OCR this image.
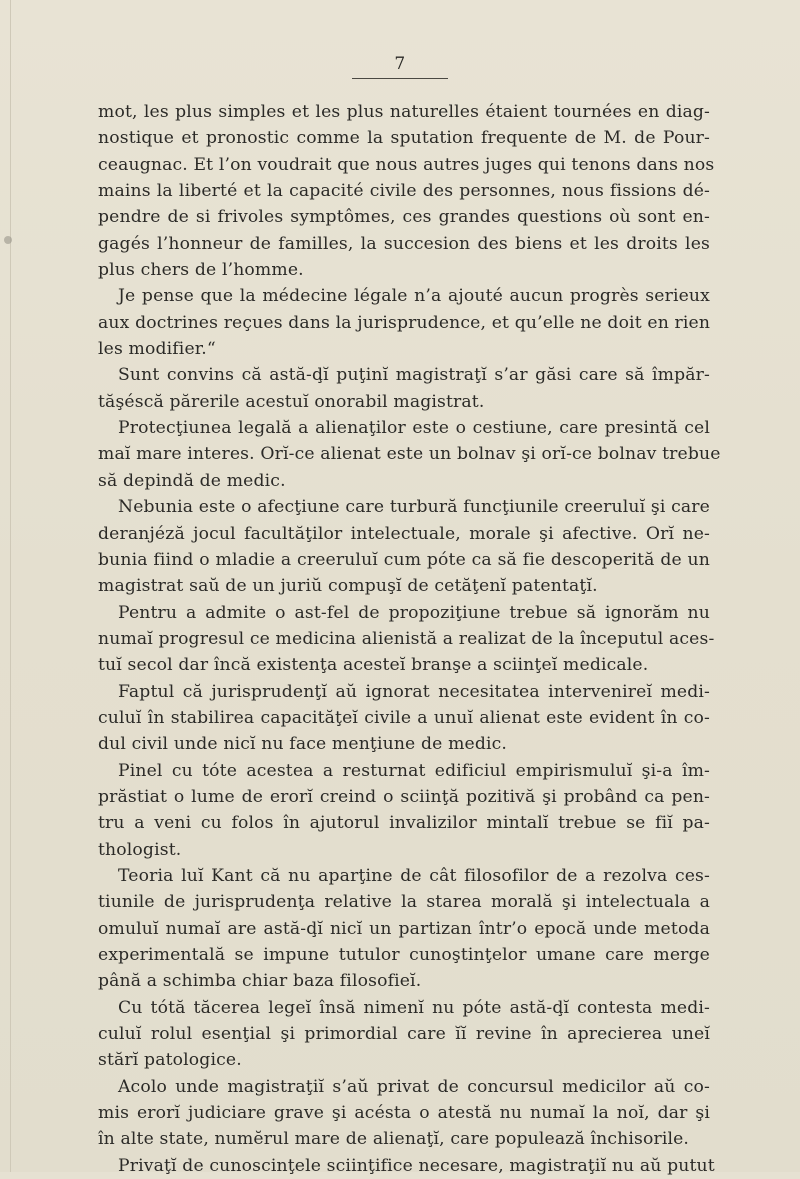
7
mot, les plus simples et les plus naturelles étaient tournées en diag-
nostique et pronostic comme la sputation frequente de M. de Pour-
ceaugnac. Et l’on voudrait que nous autres juges qui tenons dans nos
mains la liberté et la capacité civile des personnes, nous fissions dé-
pendre de si frivoles symptômes, ces grandes questions où sont en-
gagés l’honneur de familles, la succesion des biens et les droits les
plus chers de l’homme.
Je pense que la médecine légale n’a ajouté aucun progrès serieux
aux doctrines reçues dans la jurisprudence, et qu’elle ne doit en rien
les modifier.“
Sunt convins că astă-ḑĭ puţinĭ magistraţĭ s’ar găsi care să împăr-
tăşéscă părerile acestuĭ onorabil magistrat.
Protecţiunea legală a alienaţilor este o cestiune, care presintă cel
maĭ mare interes. Orĭ-ce alienat este un bolnav şi orĭ-ce bolnav trebue
să depindă de medic.
Nebunia este o afecţiune care turbură funcţiunile creeruluĭ şi care
deranjéză jocul facultăţilor intelectuale, morale şi afective. Orĭ ne-
bunia fiind o mladie a creeruluĭ cum póte ca să fie descoperită de un
magistrat saŭ de un juriŭ compuşĭ de cetăţenĭ patentaţĭ.
Pentru a admite o ast-fel de propoziţiune trebue să ignorăm nu
numaĭ progresul ce medicina alienistă a realizat de la începutul aces-
tuĭ secol dar încă existenţa acesteĭ branşe a sciinţeĭ medicale.
Faptul că jurisprudenţĭ aŭ ignorat necesitatea intervenireĭ medi-
culuĭ în stabilirea capacităţeĭ civile a unuĭ alienat este evident în co-
dul civil unde nicĭ nu face menţiune de medic.
Pinel cu tóte acestea a resturnat edificiul empirismuluĭ şi-a îm-
prăstiat o lume de erorĭ creind o sciinţă pozitivă şi probând ca pen-
tru a veni cu folos în ajutorul invalizilor mintalĭ trebue se fiĭ pa-
thologist.
Teoria luĭ Kant că nu aparţine de cât filosofilor de a rezolva ces-
tiunile de jurisprudenţa relative la starea morală şi intelectuala a
omuluĭ numaĭ are astă-ḑĭ nicĭ un partizan într’o epocă unde metoda
experimentală se impune tutulor cunoştinţelor umane care merge
până a schimba chiar baza filosofieĭ.
Cu tótă tăcerea legeĭ însă nimenĭ nu póte astă-ḑĭ contesta medi-
culuĭ rolul esenţial şi primordial care ĭĭ revine în aprecierea uneĭ
stărĭ patologice.
Acolo unde magistraţiĭ s’aŭ privat de concursul medicilor aŭ co-
mis erorĭ judiciare grave şi acésta o atestă nu numaĭ la noĭ, dar şi
în alte state, numĕrul mare de alienaţĭ, care populează închisorile.
Privaţĭ de cunoscinţele sciinţifice necesare, magistraţiĭ nu aŭ putut
